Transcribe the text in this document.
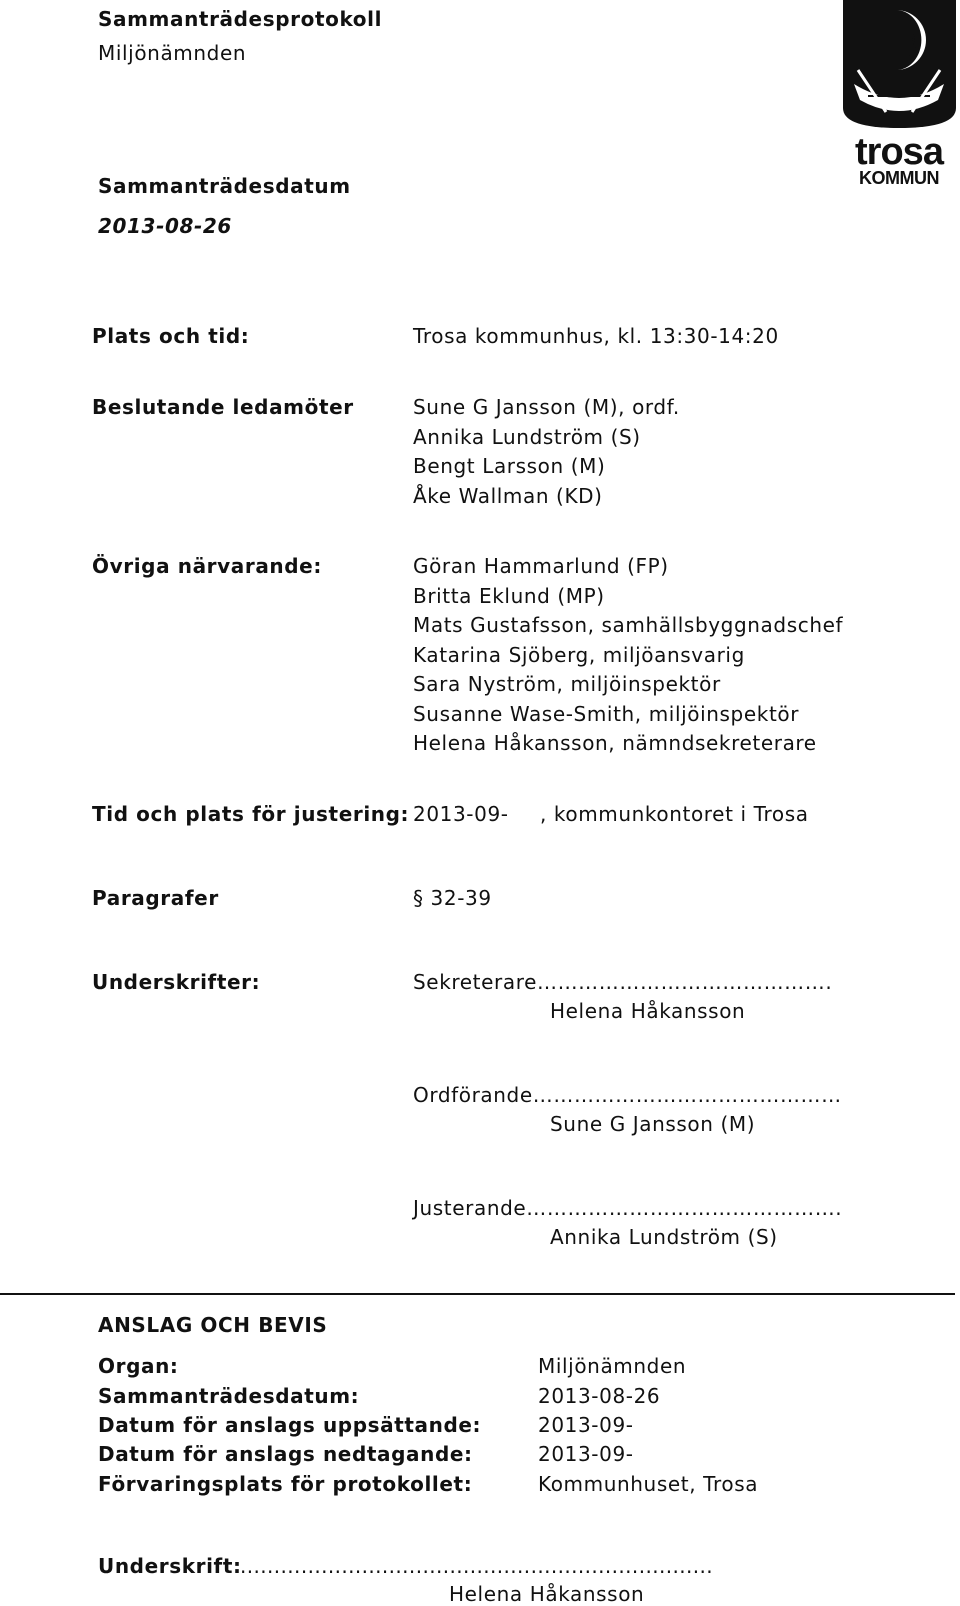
Sammanträdesprotokoll
Miljönämnden
Sammanträdesdatum
2013-08-26
trosa
KOMMUN
Plats och tid:	Trosa kommunhus, kl. 13:30-14:20
Beslutande ledamöter	Sune G Jansson (M), ordf.
Annika Lundström (S)
Bengt Larsson (M)
Åke Wallman (KD)
Övriga närvarande:	Göran Hammarlund (FP)
Britta Eklund (MP)
Mats Gustafsson, samhällsbyggnadschef
Katarina Sjöberg, miljöansvarig
Sara Nyström, miljöinspektör
Susanne Wase-Smith, miljöinspektör
Helena Håkansson, nämndsekreterare
Tid och plats för justering: 2013-09- , kommunkontoret i Trosa
Paragrafer	§ 32-39
Underskrifter:	Sekreterare…………………………………….
Helena Håkansson
Ordförande………………………………………
Sune G Jansson (M)
Justerande……………………………………….
Annika Lundström (S)
ANSLAG OCH BEVIS
Organ:	Miljönämnden
Sammanträdesdatum:	2013-08-26
Datum för anslags uppsättande:	2013-09-
Datum för anslags nedtagande:	2013-09-
Förvaringsplats för protokollet:	Kommunhuset, Trosa
Underskrift:
......................................................................
Helena Håkansson
